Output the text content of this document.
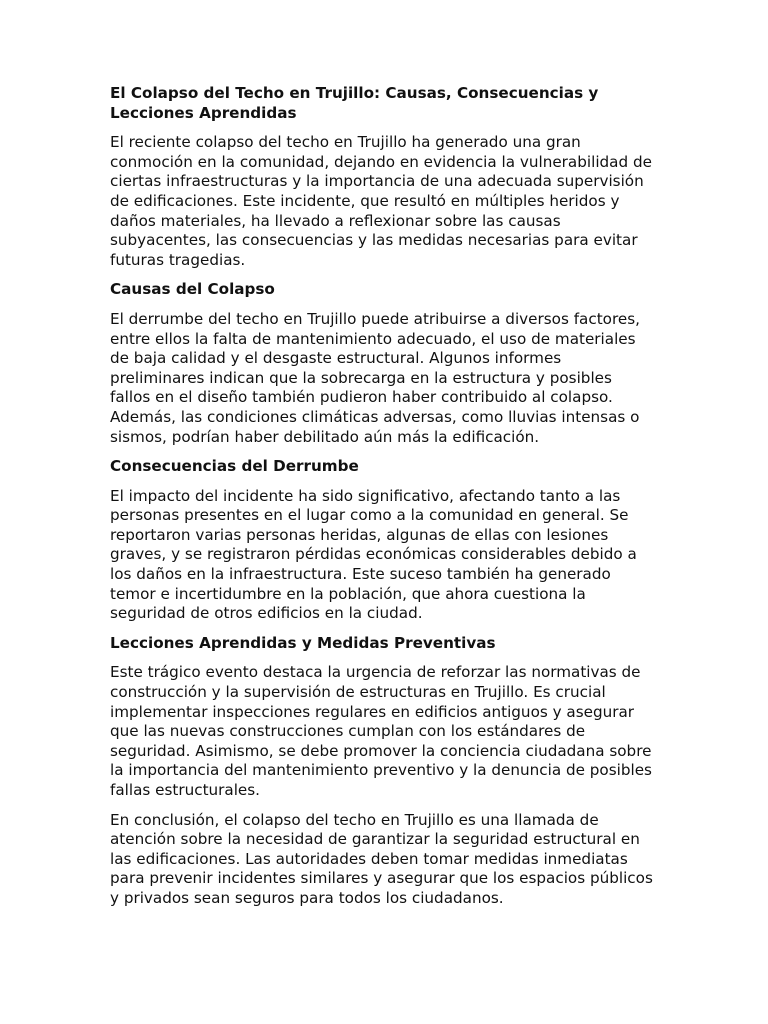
El Colapso del Techo en Trujillo: Causas, Consecuencias y Lecciones Aprendidas

El reciente colapso del techo en Trujillo ha generado una gran conmoción en la comunidad, dejando en evidencia la vulnerabilidad de ciertas infraestructuras y la importancia de una adecuada supervisión de edificaciones. Este incidente, que resultó en múltiples heridos y daños materiales, ha llevado a reflexionar sobre las causas subyacentes, las consecuencias y las medidas necesarias para evitar futuras tragedias.

Causas del Colapso

El derrumbe del techo en Trujillo puede atribuirse a diversos factores, entre ellos la falta de mantenimiento adecuado, el uso de materiales de baja calidad y el desgaste estructural. Algunos informes preliminares indican que la sobrecarga en la estructura y posibles fallos en el diseño también pudieron haber contribuido al colapso. Además, las condiciones climáticas adversas, como lluvias intensas o sismos, podrían haber debilitado aún más la edificación.

Consecuencias del Derrumbe

El impacto del incidente ha sido significativo, afectando tanto a las personas presentes en el lugar como a la comunidad en general. Se reportaron varias personas heridas, algunas de ellas con lesiones graves, y se registraron pérdidas económicas considerables debido a los daños en la infraestructura. Este suceso también ha generado temor e incertidumbre en la población, que ahora cuestiona la seguridad de otros edificios en la ciudad.

Lecciones Aprendidas y Medidas Preventivas

Este trágico evento destaca la urgencia de reforzar las normativas de construcción y la supervisión de estructuras en Trujillo. Es crucial implementar inspecciones regulares en edificios antiguos y asegurar que las nuevas construcciones cumplan con los estándares de seguridad. Asimismo, se debe promover la conciencia ciudadana sobre la importancia del mantenimiento preventivo y la denuncia de posibles fallas estructurales.

En conclusión, el colapso del techo en Trujillo es una llamada de atención sobre la necesidad de garantizar la seguridad estructural en las edificaciones. Las autoridades deben tomar medidas inmediatas para prevenir incidentes similares y asegurar que los espacios públicos y privados sean seguros para todos los ciudadanos.
